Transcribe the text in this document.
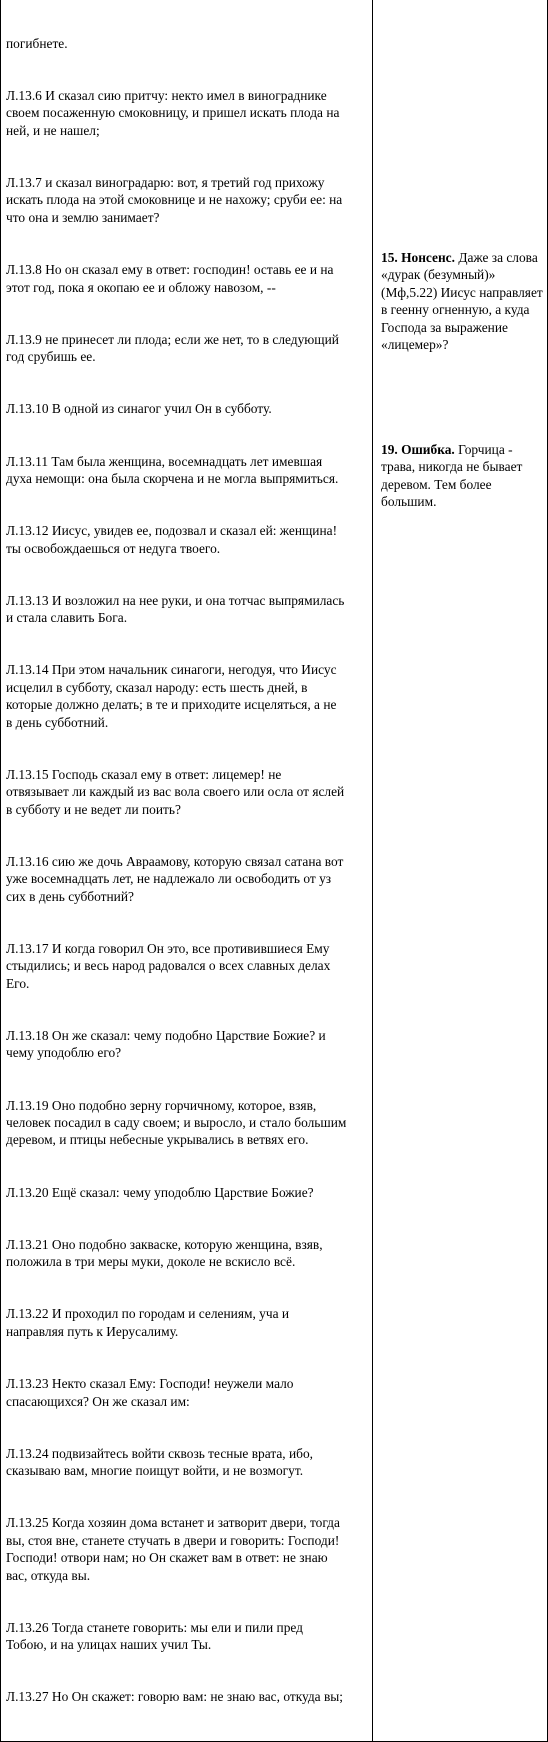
погибнете.

Л.13.6 И сказал сию притчу: некто имел в винограднике
своем посаженную смоковницу, и пришел искать плода на
ней, и не нашел;

Л.13.7 и сказал виноградарю: вот, я третий год прихожу
искать плода на этой смоковнице и не нахожу; сруби ее: на
что она и землю занимает?

Л.13.8 Но он сказал ему в ответ: господин! оставь ее и на
этот год, пока я окопаю ее и обложу навозом, --

Л.13.9 не принесет ли плода; если же нет, то в следующий
год срубишь ее.

Л.13.10 В одной из синагог учил Он в субботу.

Л.13.11 Там была женщина, восемнадцать лет имевшая
духа немощи: она была скорчена и не могла выпрямиться.

Л.13.12 Иисус, увидев ее, подозвал и сказал ей: женщина!
ты освобождаешься от недуга твоего.

Л.13.13 И возложил на нее руки, и она тотчас выпрямилась
и стала славить Бога.

Л.13.14 При этом начальник синагоги, негодуя, что Иисус
исцелил в субботу, сказал народу: есть шесть дней, в
которые должно делать; в те и приходите исцеляться, а не
в день субботний.

Л.13.15 Господь сказал ему в ответ: лицемер! не
отвязывает ли каждый из вас вола своего или осла от яслей
в субботу и не ведет ли поить?

Л.13.16 сию же дочь Авраамову, которую связал сатана вот
уже восемнадцать лет, не надлежало ли освободить от уз
сих в день субботний?

Л.13.17 И когда говорил Он это, все противившиеся Ему
стыдились; и весь народ радовался о всех славных делах
Его.

Л.13.18 Он же сказал: чему подобно Царствие Божие? и
чему уподоблю его?

Л.13.19 Оно подобно зерну горчичному, которое, взяв,
человек посадил в саду своем; и выросло, и стало большим
деревом, и птицы небесные укрывались в ветвях его.

Л.13.20 Ещё сказал: чему уподоблю Царствие Божие?

Л.13.21 Оно подобно закваске, которую женщина, взяв,
положила в три меры муки, доколе не вскисло всё.

Л.13.22 И проходил по городам и селениям, уча и
направляя путь к Иерусалиму.

Л.13.23 Некто сказал Ему: Господи! неужели мало
спасающихся? Он же сказал им:

Л.13.24 подвизайтесь войти сквозь тесные врата, ибо,
сказываю вам, многие поищут войти, и не возмогут.

Л.13.25 Когда хозяин дома встанет и затворит двери, тогда
вы, стоя вне, станете стучать в двери и говорить: Господи!
Господи! отвори нам; но Он скажет вам в ответ: не знаю
вас, откуда вы.

Л.13.26 Тогда станете говорить: мы ели и пили пред
Тобою, и на улицах наших учил Ты.

Л.13.27 Но Он скажет: говорю вам: не знаю вас, откуда вы;

15. Нонсенс. Даже за слова «дурак (безумный)» (Мф,5.22) Иисус направляет в геенну огненную, а куда Господа за выражение «лицемер»?
19. Ошибка. Горчица - трава, никогда не бывает деревом. Тем более большим.
